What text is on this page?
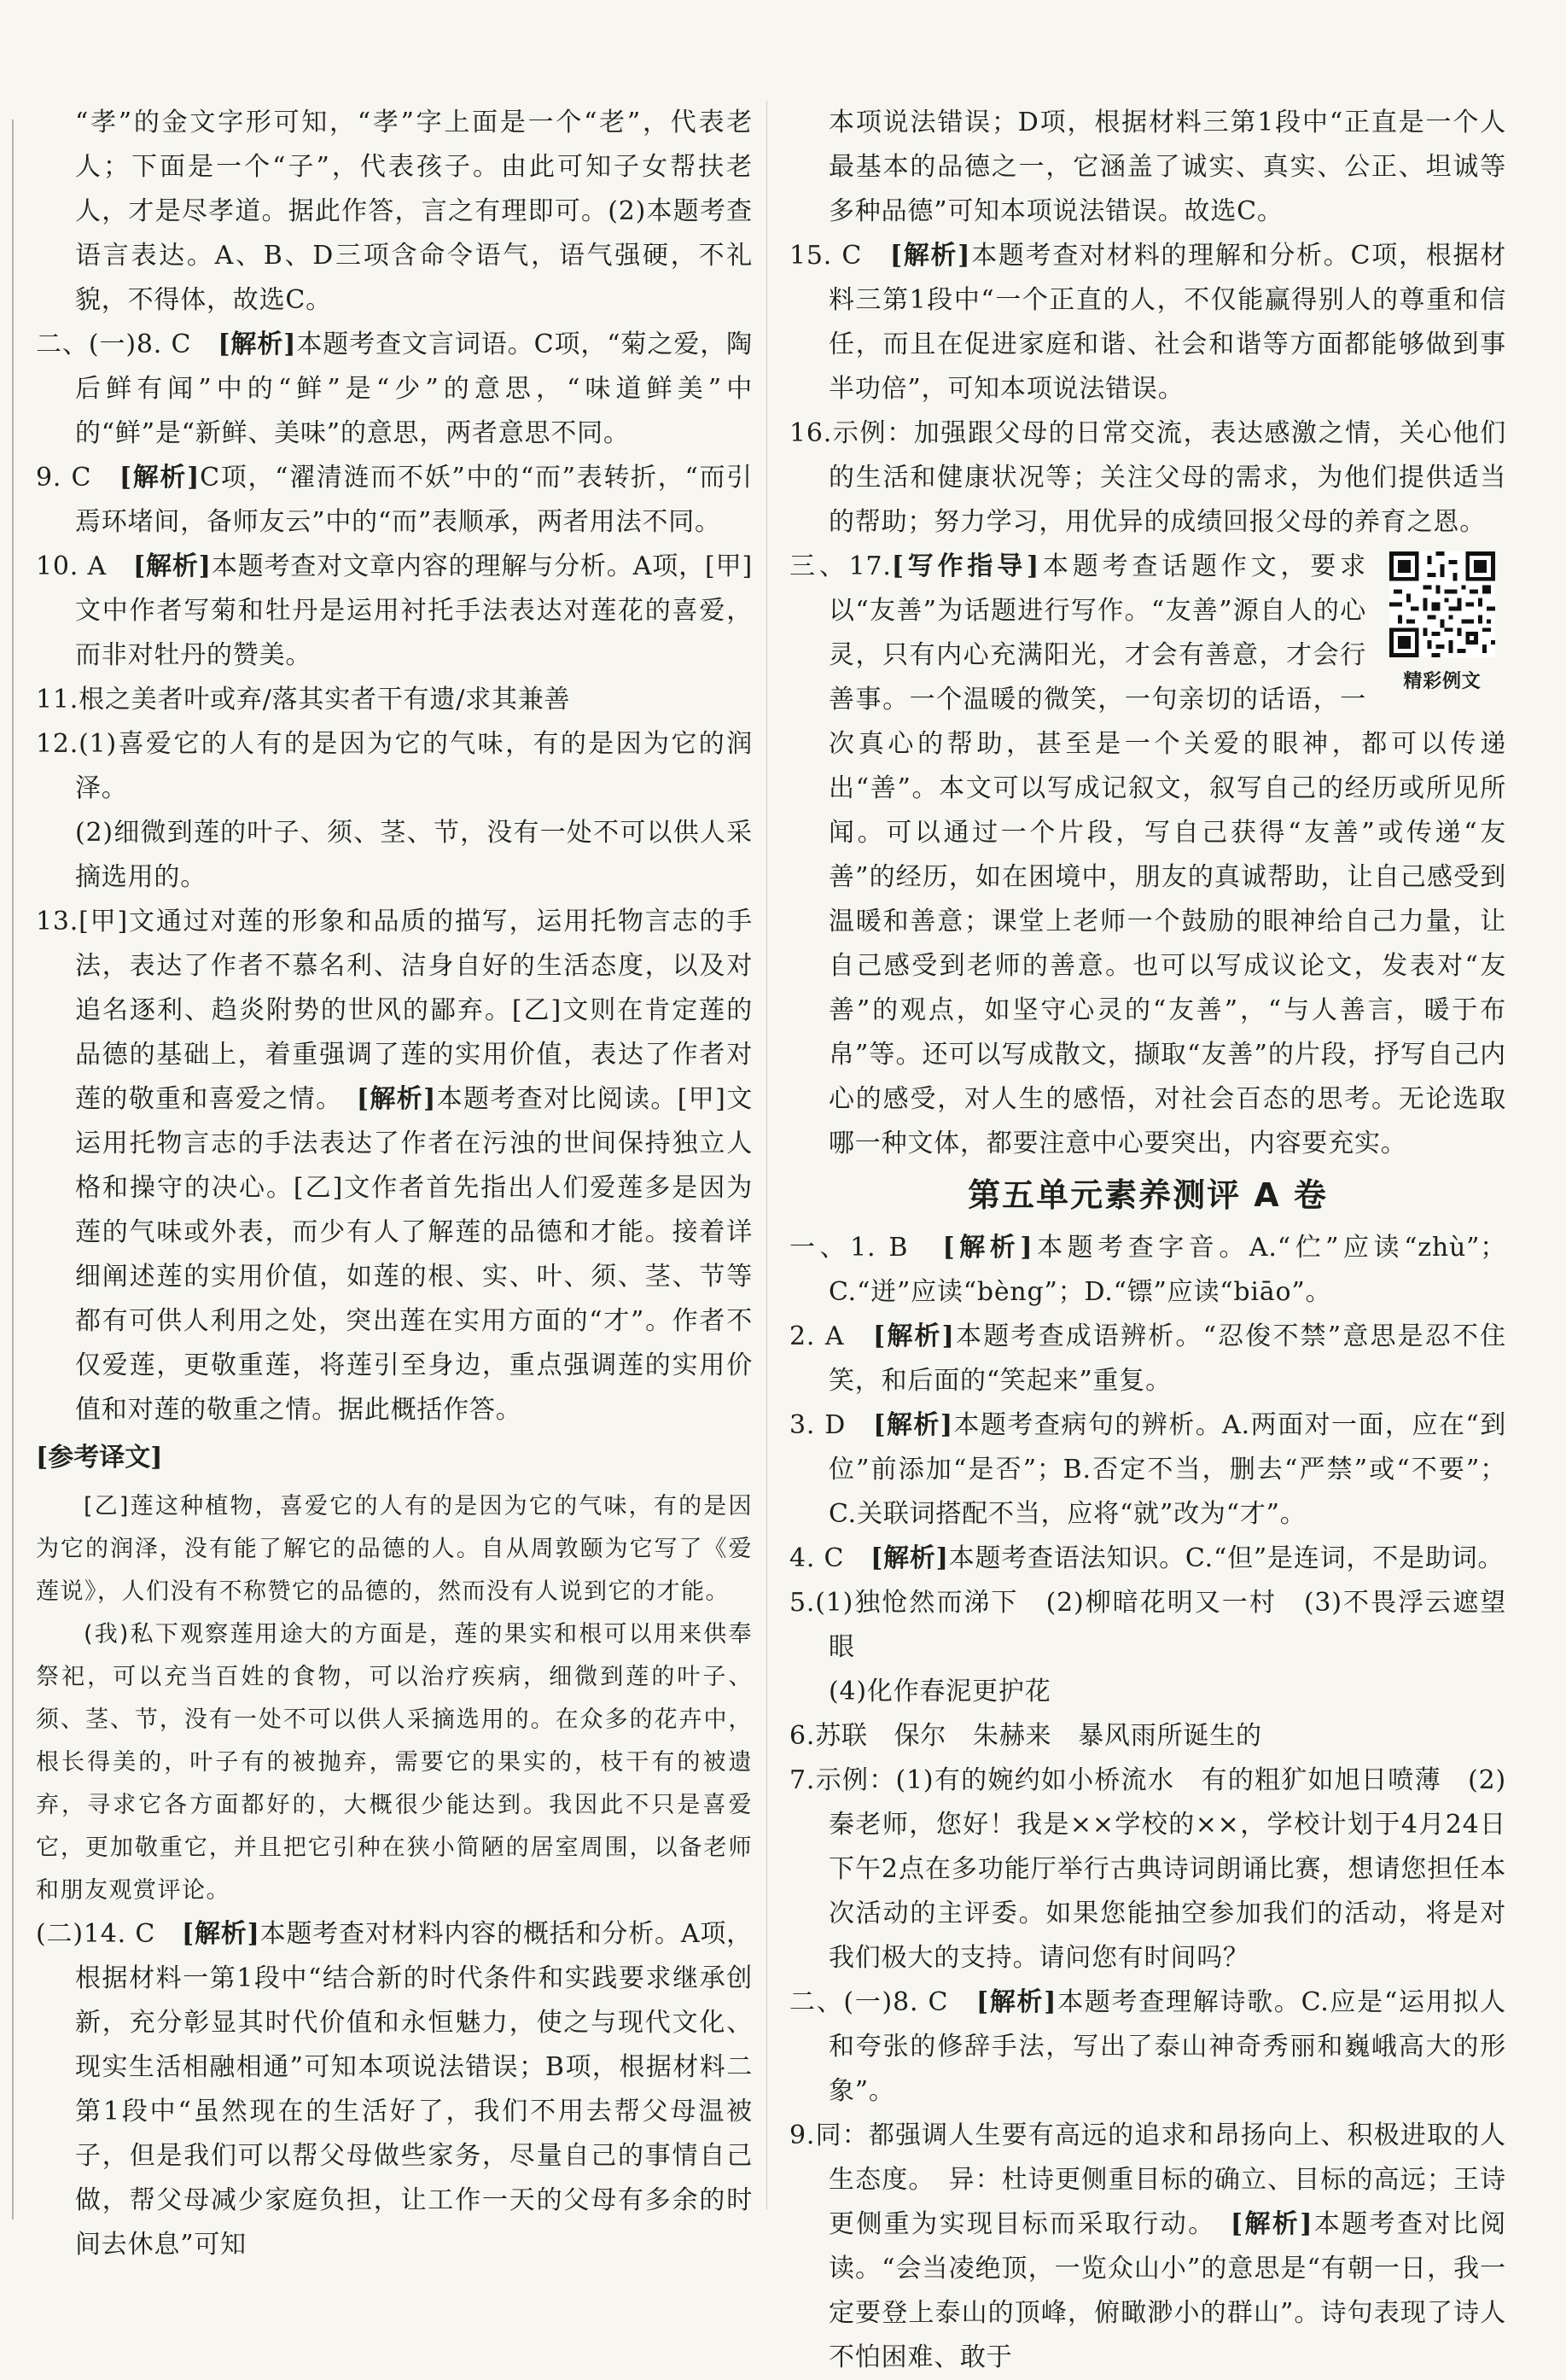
“孝”的金文字形可知，“孝”字上面是一个“老”，代表老人；下面是一个“子”，代表孩子。由此可知子女帮扶老人，才是尽孝道。据此作答，言之有理即可。(2)本题考查语言表达。A、B、D三项含命令语气，语气强硬，不礼貌，不得体，故选C。

二、(一)8. C　 [解析]本题考查文言词语。C项，“菊之爱，陶后鲜有闻”中的“鲜”是“少”的意思，“味道鲜美”中的“鲜”是“新鲜、美味”的意思，两者意思不同。

9. C　 [解析]C项，“濯清涟而不妖”中的“而”表转折，“而引焉环堵间，备师友云”中的“而”表顺承，两者用法不同。

10. A　 [解析]本题考查对文章内容的理解与分析。A项，[甲]文中作者写菊和牡丹是运用衬托手法表达对莲花的喜爱，而非对牡丹的赞美。

11.根之美者叶或弃/落其实者干有遗/求其兼善

12.(1)喜爱它的人有的是因为它的气味，有的是因为它的润泽。

(2)细微到莲的叶子、须、茎、节，没有一处不可以供人采摘选用的。

13.[甲]文通过对莲的形象和品质的描写，运用托物言志的手法，表达了作者不慕名利、洁身自好的生活态度，以及对追名逐利、趋炎附势的世风的鄙弃。[乙]文则在肯定莲的品德的基础上，着重强调了莲的实用价值，表达了作者对莲的敬重和喜爱之情。　 [解析]本题考查对比阅读。[甲]文运用托物言志的手法表达了作者在污浊的世间保持独立人格和操守的决心。[乙]文作者首先指出人们爱莲多是因为莲的气味或外表，而少有人了解莲的品德和才能。接着详细阐述莲的实用价值，如莲的根、实、叶、须、茎、节等都有可供人利用之处，突出莲在实用方面的“才”。作者不仅爱莲，更敬重莲，将莲引至身边，重点强调莲的实用价值和对莲的敬重之情。据此概括作答。

[参考译文]

[乙]莲这种植物，喜爱它的人有的是因为它的气味，有的是因为它的润泽，没有能了解它的品德的人。自从周敦颐为它写了《爱莲说》，人们没有不称赞它的品德的，然而没有人说到它的才能。

(我)私下观察莲用途大的方面是，莲的果实和根可以用来供奉祭祀，可以充当百姓的食物，可以治疗疾病，细微到莲的叶子、须、茎、节，没有一处不可以供人采摘选用的。在众多的花卉中，根长得美的，叶子有的被抛弃，需要它的果实的，枝干有的被遗弃，寻求它各方面都好的，大概很少能达到。我因此不只是喜爱它，更加敬重它，并且把它引种在狭小简陋的居室周围，以备老师和朋友观赏评论。

(二)14. C　 [解析]本题考查对材料内容的概括和分析。A项，根据材料一第1段中“结合新的时代条件和实践要求继承创新，充分彰显其时代价值和永恒魅力，使之与现代文化、现实生活相融相通”可知本项说法错误；B项，根据材料二第1段中“虽然现在的生活好了，我们不用去帮父母温被子，但是我们可以帮父母做些家务，尽量自己的事情自己做，帮父母减少家庭负担，让工作一天的父母有多余的时间去休息”可知

本项说法错误；D项，根据材料三第1段中“正直是一个人最基本的品德之一，它涵盖了诚实、真实、公正、坦诚等多种品德”可知本项说法错误。故选C。

15. C　 [解析]本题考查对材料的理解和分析。C项，根据材料三第1段中“一个正直的人，不仅能赢得别人的尊重和信任，而且在促进家庭和谐、社会和谐等方面都能够做到事半功倍”，可知本项说法错误。

16.示例：加强跟父母的日常交流，表达感激之情，关心他们的生活和健康状况等；关注父母的需求，为他们提供适当的帮助；努力学习，用优异的成绩回报父母的养育之恩。

精彩例文
三、17.[写作指导]本题考查话题作文，要求以“友善”为话题进行写作。“友善”源自人的心灵，只有内心充满阳光，才会有善意，才会行善事。一个温暖的微笑，一句亲切的话语，一次真心的帮助，甚至是一个关爱的眼神，都可以传递出“善”。本文可以写成记叙文，叙写自己的经历或所见所闻。可以通过一个片段，写自己获得“友善”或传递“友善”的经历，如在困境中，朋友的真诚帮助，让自己感受到温暖和善意；课堂上老师一个鼓励的眼神给自己力量，让自己感受到老师的善意。也可以写成议论文，发表对“友善”的观点，如坚守心灵的“友善”，“与人善言，暖于布帛”等。还可以写成散文，撷取“友善”的片段，抒写自己内心的感受，对人生的感悟，对社会百态的思考。无论选取哪一种文体，都要注意中心要突出，内容要充实。

第五单元素养测评 A 卷

一、1. B　 [解析]本题考查字音。A.“伫”应读“zhù”；C.“迸”应读“bèng”；D.“镖”应读“biāo”。

2. A　 [解析]本题考查成语辨析。“忍俊不禁”意思是忍不住笑，和后面的“笑起来”重复。

3. D　 [解析]本题考查病句的辨析。A.两面对一面，应在“到位”前添加“是否”；B.否定不当，删去“严禁”或“不要”；C.关联词搭配不当，应将“就”改为“才”。

4. C　 [解析]本题考查语法知识。C.“但”是连词，不是助词。

5.(1)独怆然而涕下　(2)柳暗花明又一村　(3)不畏浮云遮望眼

(4)化作春泥更护花

6.苏联　保尔　朱赫来　暴风雨所诞生的

7.示例：(1)有的婉约如小桥流水　有的粗犷如旭日喷薄　(2)秦老师，您好！我是××学校的××，学校计划于4月24日下午2点在多功能厅举行古典诗词朗诵比赛，想请您担任本次活动的主评委。如果您能抽空参加我们的活动，将是对我们极大的支持。请问您有时间吗？

二、(一)8. C　 [解析]本题考查理解诗歌。C.应是“运用拟人和夸张的修辞手法，写出了泰山神奇秀丽和巍峨高大的形象”。

9.同：都强调人生要有高远的追求和昂扬向上、积极进取的人生态度。　异：杜诗更侧重目标的确立、目标的高远；王诗更侧重为实现目标而采取行动。　 [解析]本题考查对比阅读。“会当凌绝顶，一览众山小”的意思是“有朝一日，我一定要登上泰山的顶峰，俯瞰渺小的群山”。诗句表现了诗人不怕困难、敢于
